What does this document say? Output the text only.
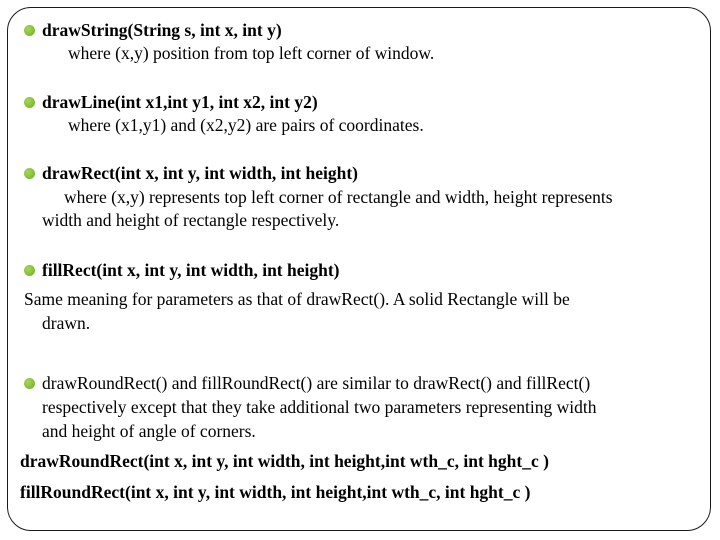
drawString(String s, int x, int y)
where (x,y) position from top left corner of window.
drawLine(int x1,int y1, int x2, int y2)
where (x1,y1) and (x2,y2) are pairs of coordinates.
drawRect(int x, int y, int width, int height)
where (x,y) represents top left corner of rectangle and width, height represents
width and height of rectangle respectively.
fillRect(int x, int y, int width, int height)
Same meaning for parameters as that of drawRect(). A solid Rectangle will be
drawn.
drawRoundRect() and fillRoundRect() are similar to drawRect() and fillRect()
respectively except that they take additional two parameters representing width
and height of angle of corners.
drawRoundRect(int x, int y, int width, int height,int wth_c, int hght_c )
fillRoundRect(int x, int y, int width, int height,int wth_c, int hght_c )
